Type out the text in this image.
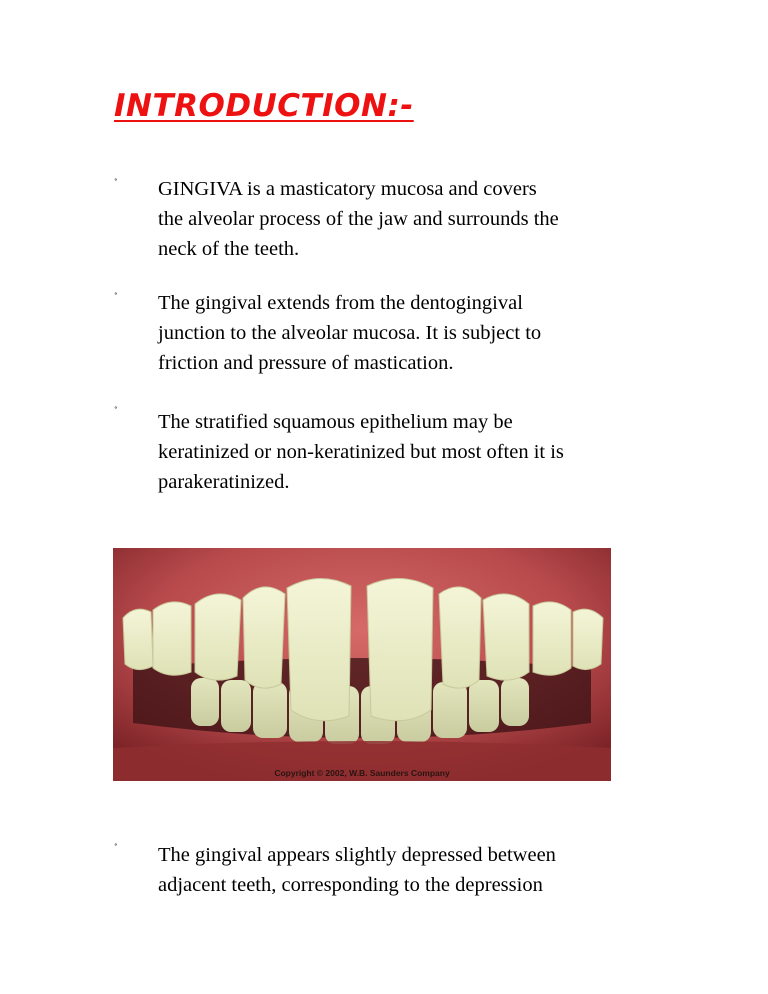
INTRODUCTION:-
˚ GINGIVA is a masticatory mucosa and covers
the alveolar process of the jaw and surrounds the
neck of the teeth.

˚ The gingival extends from the dentogingival
junction to the alveolar mucosa. It is subject to
friction and pressure of mastication.

˚ The stratified squamous epithelium may be
keratinized or non-keratinized but most often it is
parakeratinized.

Copyright © 2002, W.B. Saunders Company
˚ The gingival appears slightly depressed between
adjacent teeth, corresponding to the depression
